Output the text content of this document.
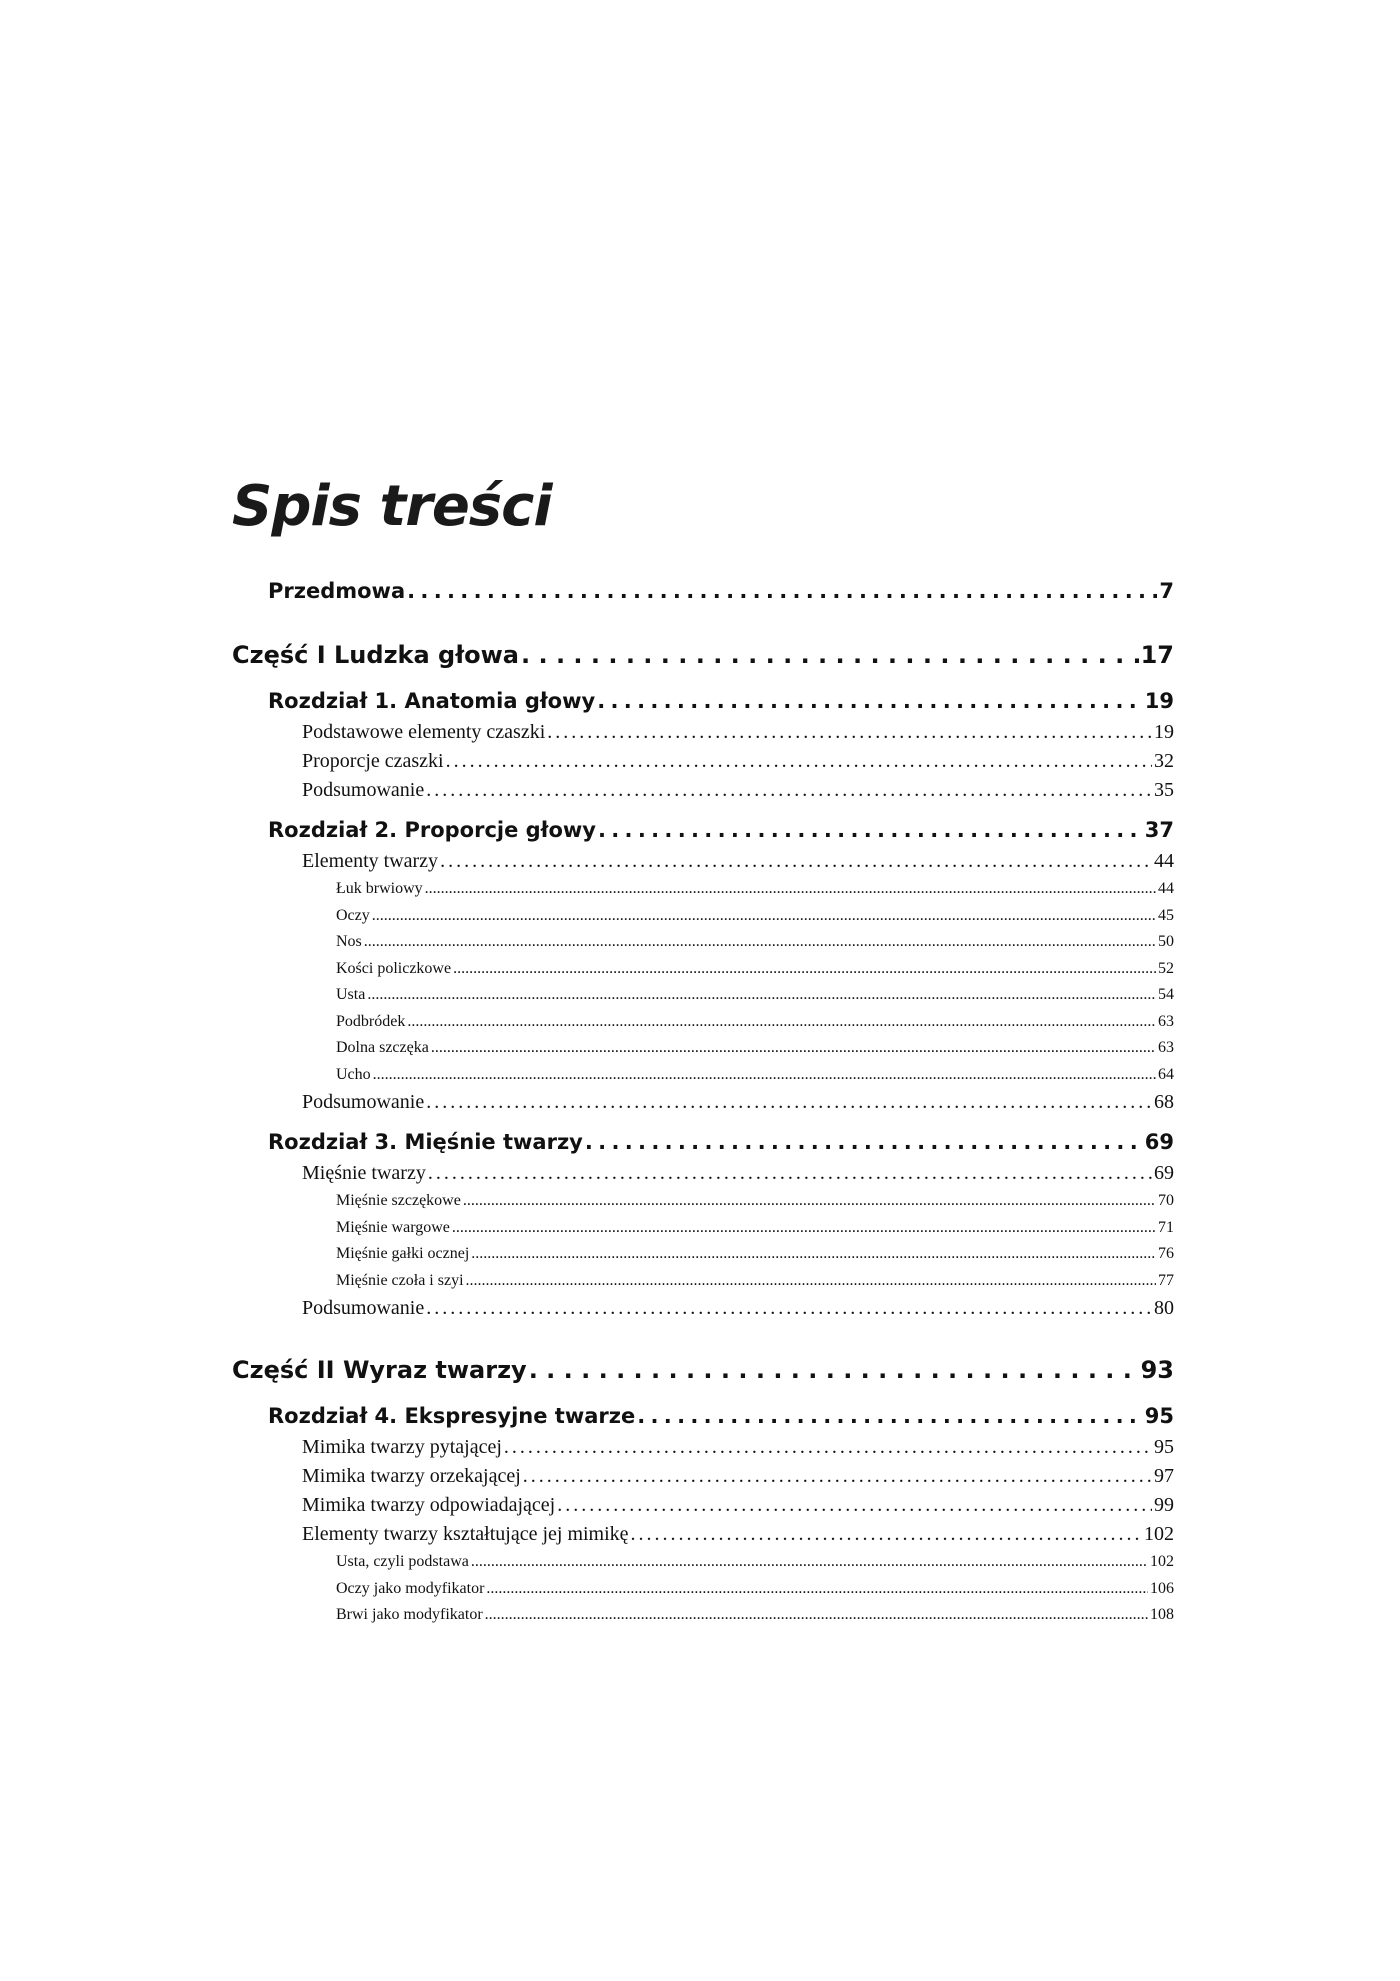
Spis treści
Przedmowa . . .	7
Część I Ludzka głowa . . .	17
Rozdział 1. Anatomia głowy . . .	19
Podstawowe elementy czaszki . . .	19
Proporcje czaszki . . .	32
Podsumowanie . . .	35
Rozdział 2. Proporcje głowy . . .	37
Elementy twarzy . . .	44
Łuk brwiowy . . .	44
Oczy . . .	45
Nos . . .	50
Kości policzkowe . . .	52
Usta . . .	54
Podbródek . . .	63
Dolna szczęka . . .	63
Ucho . . .	64
Podsumowanie . . .	68
Rozdział 3. Mięśnie twarzy . . .	69
Mięśnie twarzy . . .	69
Mięśnie szczękowe . . .	70
Mięśnie wargowe . . .	71
Mięśnie gałki ocznej . . .	76
Mięśnie czoła i szyi . . .	77
Podsumowanie . . .	80
Część II Wyraz twarzy . . .	93
Rozdział 4. Ekspresyjne twarze . . .	95
Mimika twarzy pytającej . . .	95
Mimika twarzy orzekającej . . .	97
Mimika twarzy odpowiadającej . . .	99
Elementy twarzy kształtujące jej mimikę . . .	102
Usta, czyli podstawa . . .	102
Oczy jako modyfikator . . .	106
Brwi jako modyfikator . . .	108
